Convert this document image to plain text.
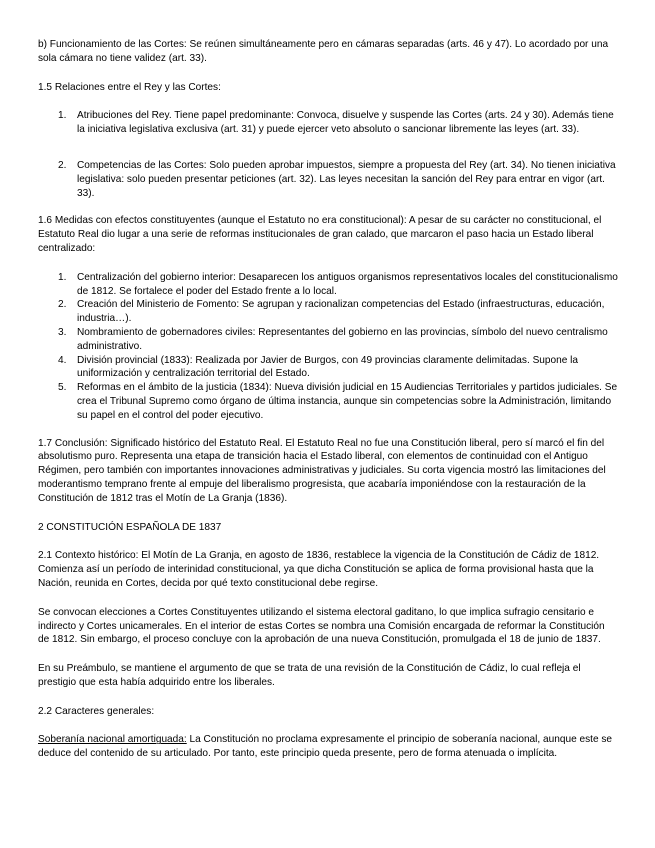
b) Funcionamiento de las Cortes: Se reúnen simultáneamente pero en cámaras separadas (arts. 46 y 47). Lo acordado por una sola cámara no tiene validez (art. 33).

1.5 Relaciones entre el Rey y las Cortes:

1. Atribuciones del Rey. Tiene papel predominante: Convoca, disuelve y suspende las Cortes (arts. 24 y 30). Además tiene la iniciativa legislativa exclusiva (art. 31) y puede ejercer veto absoluto o sancionar libremente las leyes (art. 33).
2. Competencias de las Cortes: Solo pueden aprobar impuestos, siempre a propuesta del Rey (art. 34). No tienen iniciativa legislativa: solo pueden presentar peticiones (art. 32). Las leyes necesitan la sanción del Rey para entrar en vigor (art. 33).

1.6 Medidas con efectos constituyentes (aunque el Estatuto no era constitucional): A pesar de su carácter no constitucional, el Estatuto Real dio lugar a una serie de reformas institucionales de gran calado, que marcaron el paso hacia un Estado liberal centralizado:

1. Centralización del gobierno interior: Desaparecen los antiguos organismos representativos locales del constitucionalismo de 1812. Se fortalece el poder del Estado frente a lo local.
2. Creación del Ministerio de Fomento: Se agrupan y racionalizan competencias del Estado (infraestructuras, educación, industria…).
3. Nombramiento de gobernadores civiles: Representantes del gobierno en las provincias, símbolo del nuevo centralismo administrativo.
4. División provincial (1833): Realizada por Javier de Burgos, con 49 provincias claramente delimitadas. Supone la uniformización y centralización territorial del Estado.
5. Reformas en el ámbito de la justicia (1834): Nueva división judicial en 15 Audiencias Territoriales y partidos judiciales. Se crea el Tribunal Supremo como órgano de última instancia, aunque sin competencias sobre la Administración, limitando su papel en el control del poder ejecutivo.

1.7 Conclusión: Significado histórico del Estatuto Real. El Estatuto Real no fue una Constitución liberal, pero sí marcó el fin del absolutismo puro. Representa una etapa de transición hacia el Estado liberal, con elementos de continuidad con el Antiguo Régimen, pero también con importantes innovaciones administrativas y judiciales. Su corta vigencia mostró las limitaciones del moderantismo temprano frente al empuje del liberalismo progresista, que acabaría imponiéndose con la restauración de la Constitución de 1812 tras el Motín de La Granja (1836).

2 CONSTITUCIÓN ESPAÑOLA DE 1837

2.1 Contexto histórico: El Motín de La Granja, en agosto de 1836, restablece la vigencia de la Constitución de Cádiz de 1812. Comienza así un período de interinidad constitucional, ya que dicha Constitución se aplica de forma provisional hasta que la Nación, reunida en Cortes, decida por qué texto constitucional debe regirse.

Se convocan elecciones a Cortes Constituyentes utilizando el sistema electoral gaditano, lo que implica sufragio censitario e indirecto y Cortes unicamerales. En el interior de estas Cortes se nombra una Comisión encargada de reformar la Constitución de 1812. Sin embargo, el proceso concluye con la aprobación de una nueva Constitución, promulgada el 18 de junio de 1837.

En su Preámbulo, se mantiene el argumento de que se trata de una revisión de la Constitución de Cádiz, lo cual refleja el prestigio que esta había adquirido entre los liberales.

2.2 Caracteres generales:

Soberanía nacional amortiguada: La Constitución no proclama expresamente el principio de soberanía nacional, aunque este se deduce del contenido de su articulado. Por tanto, este principio queda presente, pero de forma atenuada o implícita.
